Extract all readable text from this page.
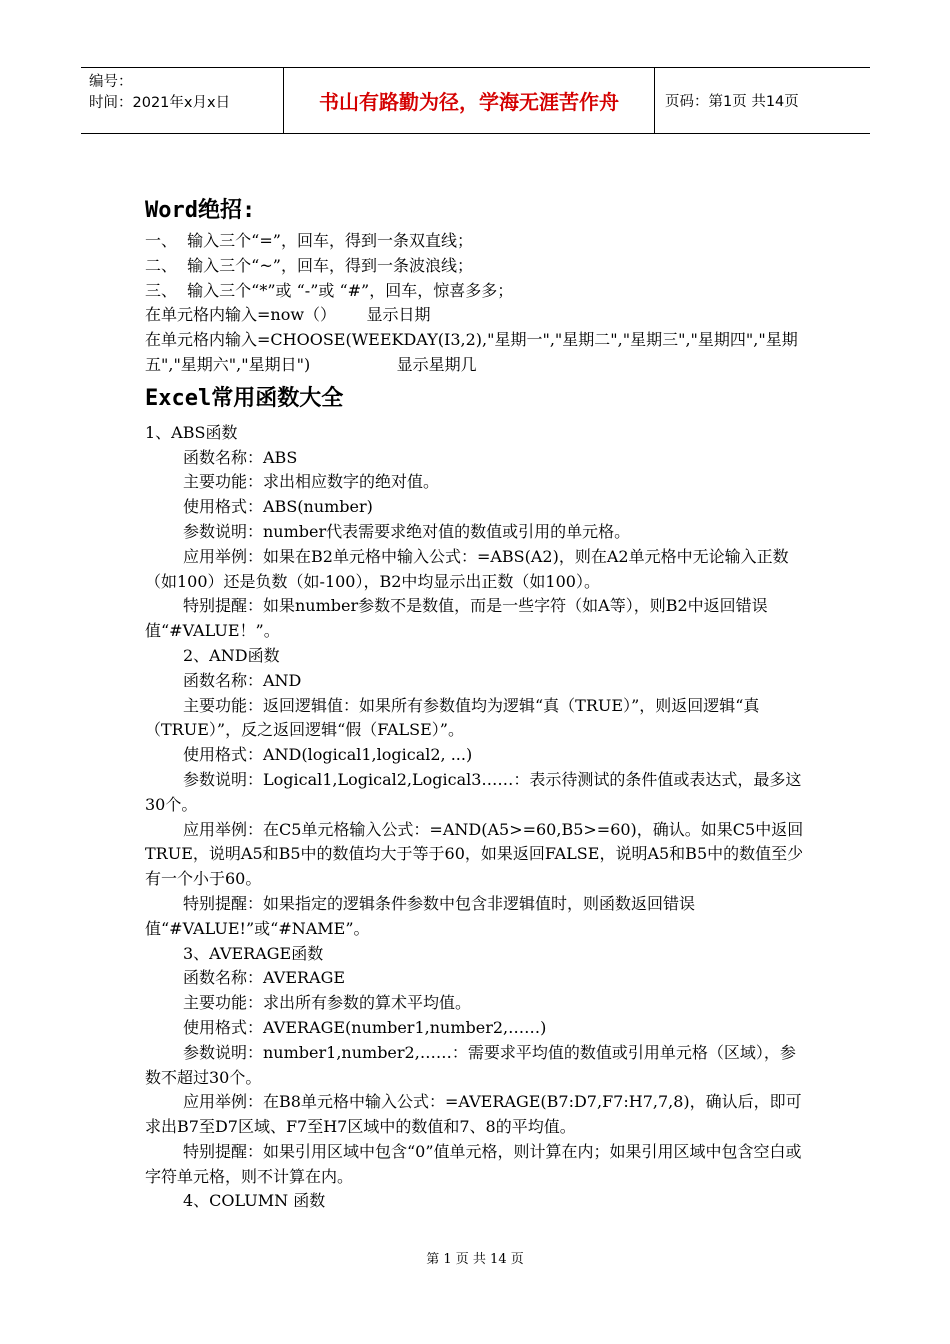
编号：
时间：2021年x月x日	书山有路勤为径，学海无涯苦作舟	页码：第1页 共14页
Word绝招:
一、  输入三个“=”，回车，得到一条双直线；
二、  输入三个“~”，回车，得到一条波浪线；
三、  输入三个“*”或 “-”或 “#”，回车，惊喜多多；
在单元格内输入=now（）      显示日期
在单元格内输入=CHOOSE(WEEKDAY(I3,2),"星期一","星期二","星期三","星期四","星期五","星期六","星期日")                 显示星期几
Excel常用函数大全
1、ABS函数
函数名称：ABS
主要功能：求出相应数字的绝对值。
使用格式：ABS(number)
参数说明：number代表需要求绝对值的数值或引用的单元格。
应用举例：如果在B2单元格中输入公式：=ABS(A2)，则在A2单元格中无论输入正数（如100）还是负数（如-100），B2中均显示出正数（如100）。
特别提醒：如果number参数不是数值，而是一些字符（如A等），则B2中返回错误值“#VALUE！”。
2、AND函数
函数名称：AND
主要功能：返回逻辑值：如果所有参数值均为逻辑“真（TRUE）”，则返回逻辑“真（TRUE）”，反之返回逻辑“假（FALSE）”。
使用格式：AND(logical1,logical2, ...)
参数说明：Logical1,Logical2,Logical3……：表示待测试的条件值或表达式，最多这30个。
应用举例：在C5单元格输入公式：=AND(A5>=60,B5>=60)，确认。如果C5中返回TRUE，说明A5和B5中的数值均大于等于60，如果返回FALSE，说明A5和B5中的数值至少有一个小于60。
特别提醒：如果指定的逻辑条件参数中包含非逻辑值时，则函数返回错误值“#VALUE!”或“#NAME”。
3、AVERAGE函数
函数名称：AVERAGE
主要功能：求出所有参数的算术平均值。
使用格式：AVERAGE(number1,number2,……)
参数说明：number1,number2,……：需要求平均值的数值或引用单元格（区域），参数不超过30个。
应用举例：在B8单元格中输入公式：=AVERAGE(B7:D7,F7:H7,7,8)，确认后，即可求出B7至D7区域、F7至H7区域中的数值和7、8的平均值。
特别提醒：如果引用区域中包含“0”值单元格，则计算在内；如果引用区域中包含空白或字符单元格，则不计算在内。
4、COLUMN 函数
第 1 页 共 14 页
